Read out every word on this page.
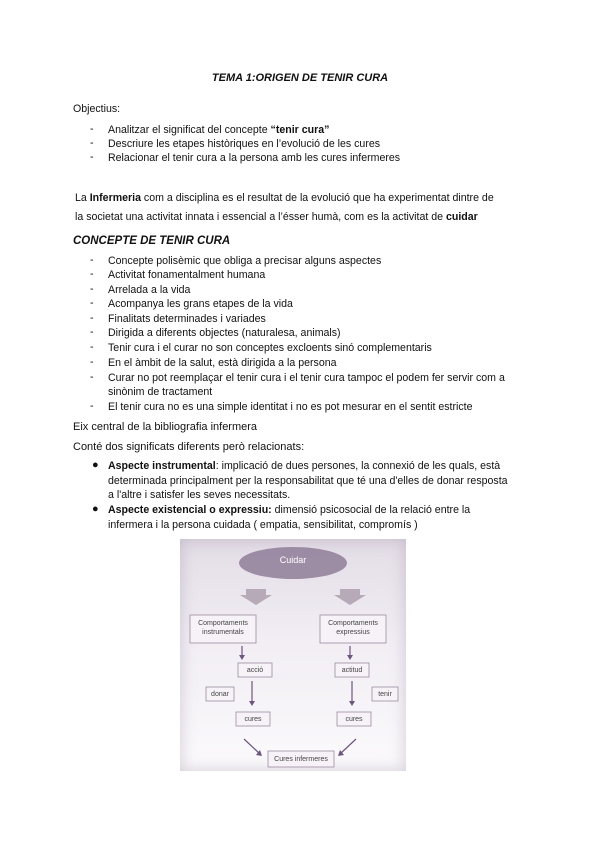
TEMA 1:ORIGEN DE TENIR CURA
Objectius:
- Analitzar el significat del concepte “tenir cura”
- Descriure les etapes històriques en l’evolució de les cures
- Relacionar el tenir cura a la persona amb les cures infermeres
La Infermeria com a disciplina es el resultat de la evolució que ha experimentat dintre de
la societat una activitat innata i essencial a l’ésser humà, com es la activitat de cuidar
CONCEPTE DE TENIR CURA
- Concepte polisèmic que obliga a precisar alguns aspectes
- Activitat fonamentalment humana
- Arrelada a la vida
- Acompanya les grans etapes de la vida
- Finalitats determinades i variades
- Dirigida a diferents objectes (naturalesa, animals)
- Tenir cura i el curar no son conceptes excloents sinó complementaris
- En el àmbit de la salut, està dirigida a la persona
- Curar no pot reemplaçar el tenir cura i el tenir cura tampoc el podem fer servir com a
sinònim de tractament
- El tenir cura no es una simple identitat i no es pot mesurar en el sentit estricte
Eix central de la bibliografia infermera
Conté dos significats diferents però relacionats:
● Aspecte instrumental: implicació de dues persones, la connexió de les quals, està
determinada principalment per la responsabilitat que té una d'elles de donar resposta
a l'altre i satisfer les seves necessitats.
● Aspecte existencial o expressiu: dimensió psicosocial de la relació entre la
infermera i la persona cuidada ( empatia, sensibilitat, compromís )
Cuidar
Comportaments
instrumentals
Comportaments
expressius
acció	actitud
donar	tenir
cures	cures
Cures infermeres
